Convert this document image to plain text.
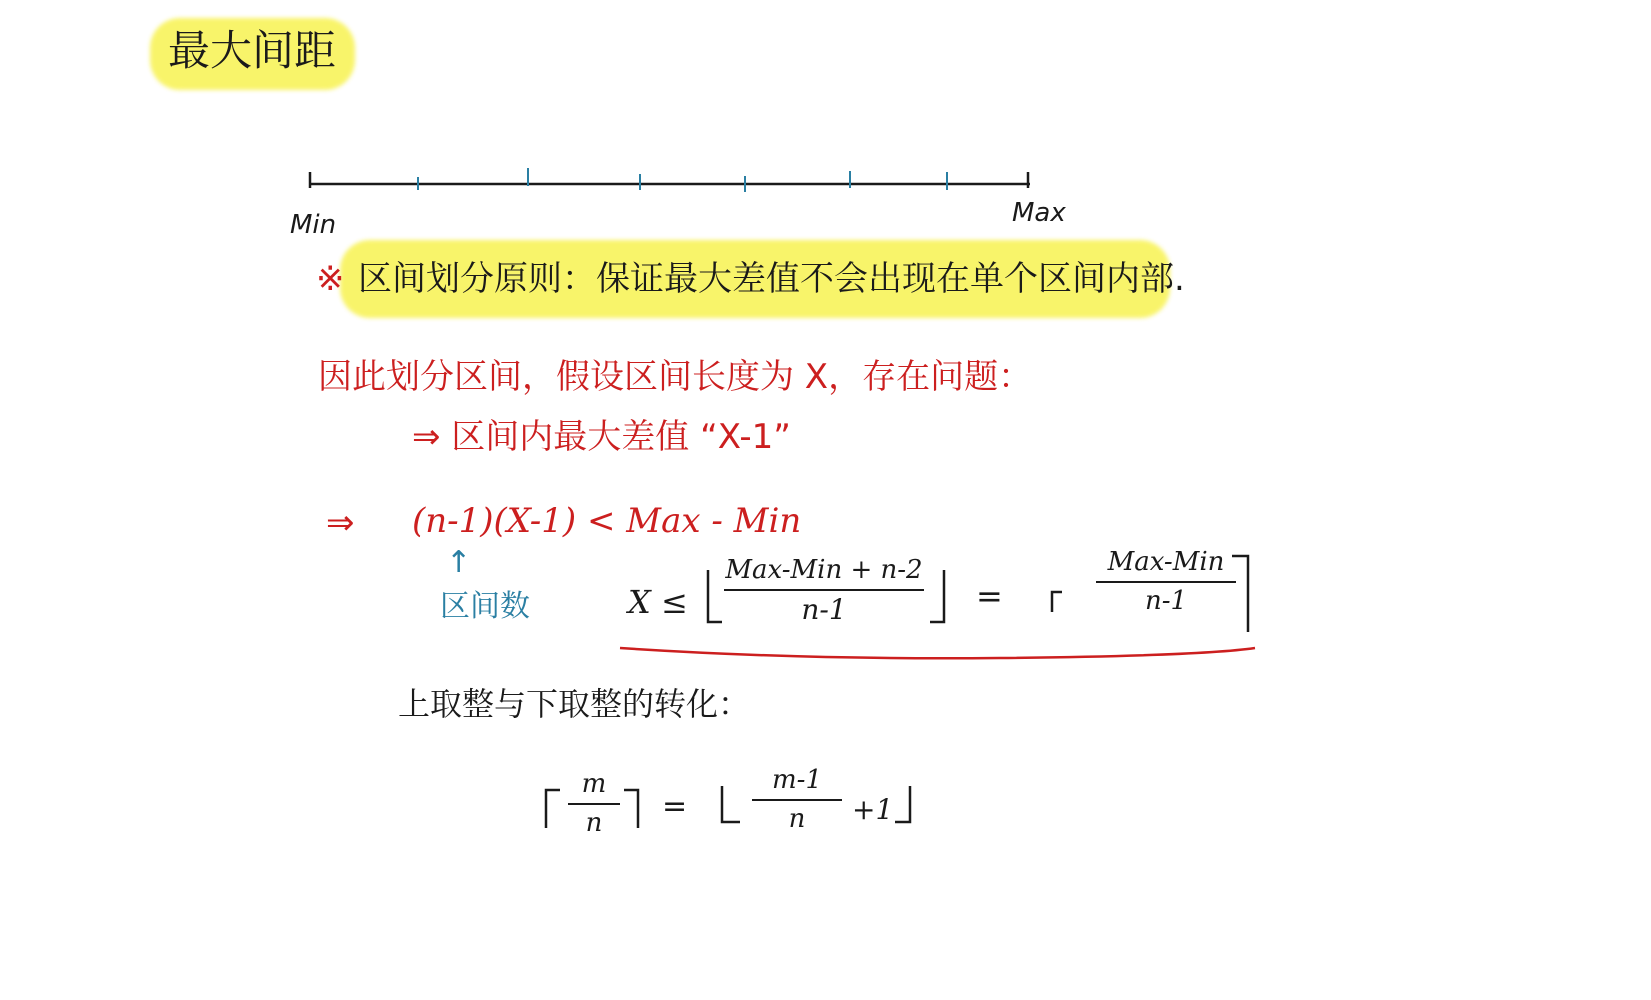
最大间距
Min	Max
※ 区间划分原则：保证最大差值不会出现在单个区间内部.
因此划分区间，假设区间长度为 X，存在问题：
⇒ 区间内最大差值 “X-1”
⇒ (n-1)(X-1) < Max - Min
↑
区间数	X ≤
Max-Min + n-2
n-1	=
Max-Min
n-1
上取整与下取整的转化：
m
n =
m-1
n +1
